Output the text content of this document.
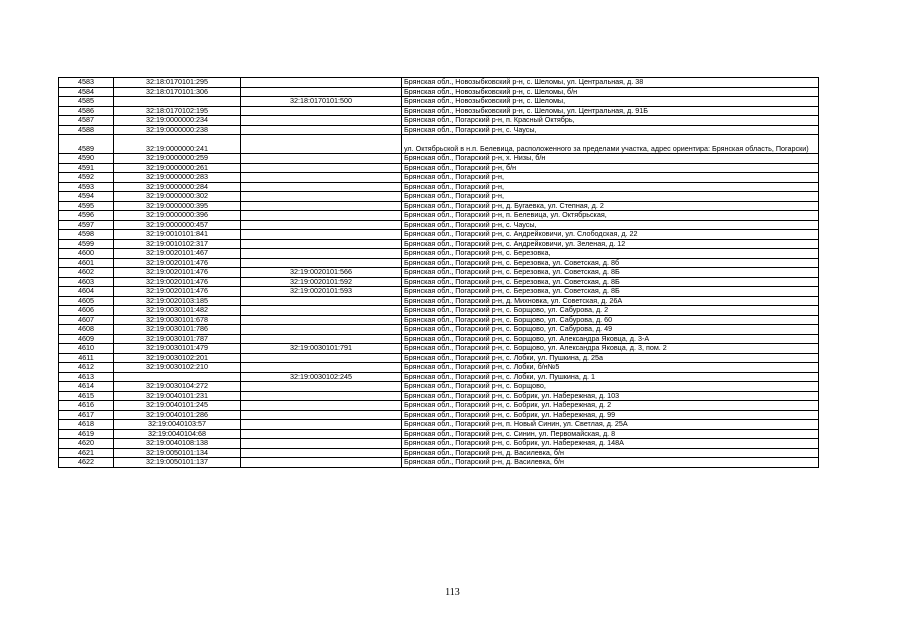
4583	32:18:0170101:295		Брянская обл., Новозыбковский р-н, с. Шеломы, ул. Центральная, д. 38
4584	32:18:0170101:306		Брянская обл., Новозыбковский р-н, с. Шеломы, б/н
4585		32:18:0170101:500	Брянская обл., Новозыбковский р-н, с. Шеломы,
4586	32:18:0170102:195		Брянская обл., Новозыбковский р-н, с. Шеломы, ул. Центральная, д. 91Б
4587	32:19:0000000:234		Брянская обл., Погарский р-н, п. Красный Октябрь,
4588	32:19:0000000:238		Брянская обл., Погарский р-н, с. Чаусы,
4589	32:19:0000000:241		ул. Октябрьской в н.п. Белевица, расположенного за пределами участка, адрес ориентира: Брянская область, Погарски)
4590	32:19:0000000:259		Брянская обл., Погарский р-н, х. Низы, б/н
4591	32:19:0000000:261		Брянская обл., Погарский р-н, б/н
4592	32:19:0000000:283		Брянская обл., Погарский р-н,
4593	32:19:0000000:284		Брянская обл., Погарский р-н,
4594	32:19:0000000:302		Брянская обл., Погарский р-н,
4595	32:19:0000000:395		Брянская обл., Погарский р-н, д. Бугаевка, ул. Степная, д. 2
4596	32:19:0000000:396		Брянская обл., Погарский р-н, п. Белевица, ул. Октябрьская,
4597	32:19:0000000:457		Брянская обл., Погарский р-н, с. Чаусы,
4598	32:19:0010101:841		Брянская обл., Погарский р-н, с. Андрейковичи, ул. Слободская, д. 22
4599	32:19:0010102:317		Брянская обл., Погарский р-н, с. Андрейковичи, ул. Зеленая, д. 12
4600	32:19:0020101:467		Брянская обл., Погарский р-н, с. Березовка,
4601	32:19:0020101:476		Брянская обл., Погарский р-н, с. Березовка, ул. Советская, д. 8б
4602	32:19:0020101:476	32:19:0020101:566	Брянская обл., Погарский р-н, с. Березовка, ул. Советская, д. 8Б
4603	32:19:0020101:476	32:19:0020101:592	Брянская обл., Погарский р-н, с. Березовка, ул. Советская, д. 8Б
4604	32:19:0020101:476	32:19:0020101:593	Брянская обл., Погарский р-н, с. Березовка, ул. Советская, д. 8Б
4605	32:19:0020103:185		Брянская обл., Погарский р-н, д. Михновка, ул. Советская, д. 26А
4606	32:19:0030101:482		Брянская обл., Погарский р-н, с. Борщово, ул. Сабурова, д. 2
4607	32:19:0030101:678		Брянская обл., Погарский р-н, с. Борщово, ул. Сабурова, д. 60
4608	32:19:0030101:786		Брянская обл., Погарский р-н, с. Борщово, ул. Сабурова, д. 49
4609	32:19:0030101:787		Брянская обл., Погарский р-н, с. Борщово, ул. Александра Яковца, д. 3-А
4610	32:19:0030101:479	32:19:0030101:791	Брянская обл., Погарский р-н, с. Борщово, ул. Александра Яковца, д. 3, пом. 2
4611	32:19:0030102:201		Брянская обл., Погарский р-н, с. Лобки, ул. Пушкина, д. 25а
4612	32:19:0030102:210		Брянская обл., Погарский р-н, с. Лобки, б/н№5
4613		32:19:0030102:245	Брянская обл., Погарский р-н, с. Лобки, ул. Пушкина, д. 1
4614	32:19:0030104:272		Брянская обл., Погарский р-н, с. Борщово,
4615	32:19:0040101:231		Брянская обл., Погарский р-н, с. Бобрик, ул. Набережная, д. 103
4616	32:19:0040101:245		Брянская обл., Погарский р-н, с. Бобрик, ул. Набережная, д. 2
4617	32:19:0040101:286		Брянская обл., Погарский р-н, с. Бобрик, ул. Набережная, д. 99
4618	32:19:0040103:57		Брянская обл., Погарский р-н, п. Новый Синин, ул. Светлая, д. 25А
4619	32:19:0040104:68		Брянская обл., Погарский р-н, с. Синин, ул. Первомайская, д. 8
4620	32:19:0040108:138		Брянская обл., Погарский р-н, с. Бобрик, ул. Набережная, д. 148А
4621	32:19:0050101:134		Брянская обл., Погарский р-н, д. Василевка, б/н
4622	32:19:0050101:137		Брянская обл., Погарский р-н, д. Василевка, б/н
113
